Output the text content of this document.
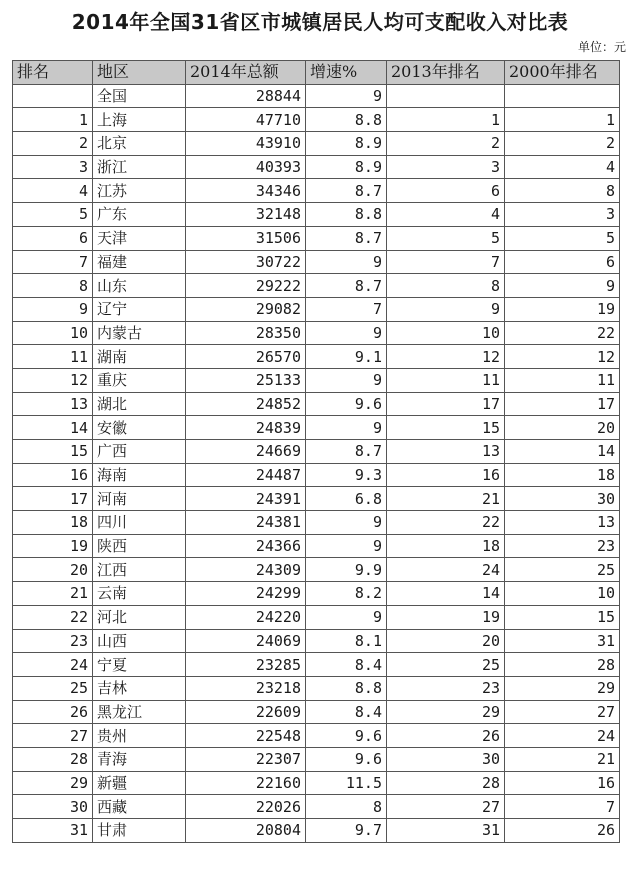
2014年全国31省区市城镇居民人均可支配收入对比表
单位：元
排名	地区	2014年总额	增速%	2013年排名	2000年排名
	全国	28844	9		
1	上海	47710	8.8	1	1
2	北京	43910	8.9	2	2
3	浙江	40393	8.9	3	4
4	江苏	34346	8.7	6	8
5	广东	32148	8.8	4	3
6	天津	31506	8.7	5	5
7	福建	30722	9	7	6
8	山东	29222	8.7	8	9
9	辽宁	29082	7	9	19
10	内蒙古	28350	9	10	22
11	湖南	26570	9.1	12	12
12	重庆	25133	9	11	11
13	湖北	24852	9.6	17	17
14	安徽	24839	9	15	20
15	广西	24669	8.7	13	14
16	海南	24487	9.3	16	18
17	河南	24391	6.8	21	30
18	四川	24381	9	22	13
19	陕西	24366	9	18	23
20	江西	24309	9.9	24	25
21	云南	24299	8.2	14	10
22	河北	24220	9	19	15
23	山西	24069	8.1	20	31
24	宁夏	23285	8.4	25	28
25	吉林	23218	8.8	23	29
26	黑龙江	22609	8.4	29	27
27	贵州	22548	9.6	26	24
28	青海	22307	9.6	30	21
29	新疆	22160	11.5	28	16
30	西藏	22026	8	27	7
31	甘肃	20804	9.7	31	26
